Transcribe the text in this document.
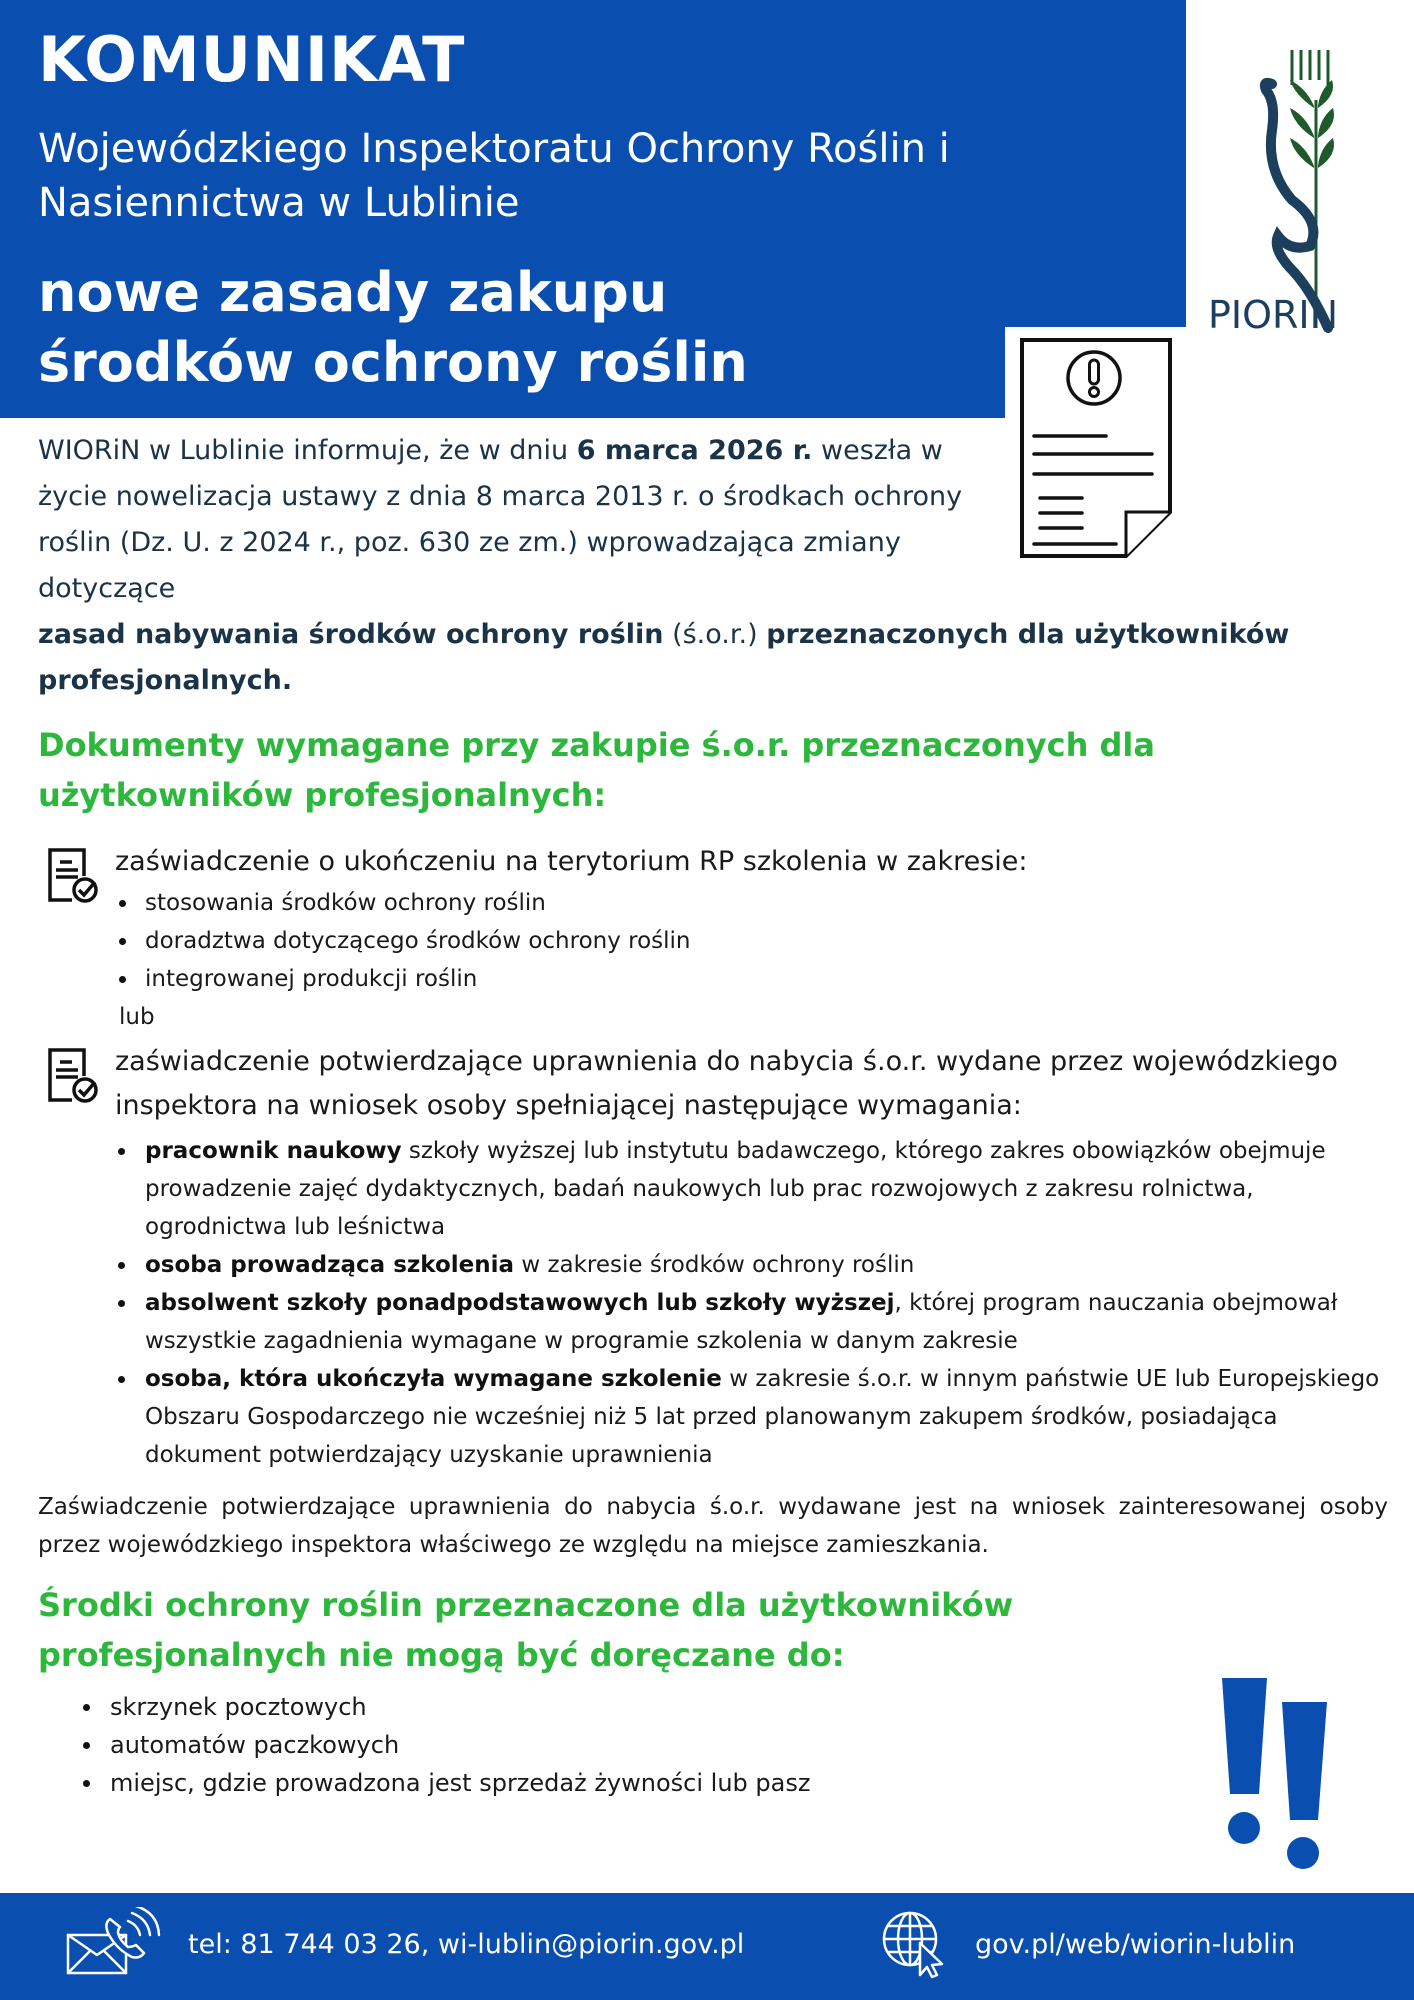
KOMUNIKAT
Wojewódzkiego Inspektoratu Ochrony Roślin i Nasiennictwa w Lublinie
nowe zasady zakupu
środków ochrony roślin
PIORIN

WIORiN w Lublinie informuje, że w dniu 6 marca 2026 r. weszła w życie nowelizacja ustawy z dnia 8 marca 2013 r. o środkach ochrony roślin (Dz. U. z 2024 r., poz. 630 ze zm.) wprowadzająca zmiany dotyczące
zasad nabywania środków ochrony roślin (ś.o.r.) przeznaczonych dla użytkowników profesjonalnych.

Dokumenty wymagane przy zakupie ś.o.r. przeznaczonych dla użytkowników profesjonalnych:
zaświadczenie o ukończeniu na terytorium RP szkolenia w zakresie:
stosowania środków ochrony roślin
doradztwa dotyczącego środków ochrony roślin
integrowanej produkcji roślin
lub
zaświadczenie potwierdzające uprawnienia do nabycia ś.o.r. wydane przez wojewódzkiego inspektora na wniosek osoby spełniającej następujące wymagania:
pracownik naukowy szkoły wyższej lub instytutu badawczego, którego zakres obowiązków obejmuje prowadzenie zajęć dydaktycznych, badań naukowych lub prac rozwojowych z zakresu rolnictwa, ogrodnictwa lub leśnictwa
osoba prowadząca szkolenia w zakresie środków ochrony roślin
absolwent szkoły ponadpodstawowych lub szkoły wyższej, której program nauczania obejmował wszystkie zagadnienia wymagane w programie szkolenia w danym zakresie
osoba, która ukończyła wymagane szkolenie w zakresie ś.o.r. w innym państwie UE lub Europejskiego Obszaru Gospodarczego nie wcześniej niż 5 lat przed planowanym zakupem środków, posiadająca dokument potwierdzający uzyskanie uprawnienia

Zaświadczenie potwierdzające uprawnienia do nabycia ś.o.r. wydawane jest na wniosek zainteresowanej osoby przez wojewódzkiego inspektora właściwego ze względu na miejsce zamieszkania.

Środki ochrony roślin przeznaczone dla użytkowników profesjonalnych nie mogą być doręczane do:
skrzynek pocztowych
automatów paczkowych
miejsc, gdzie prowadzona jest sprzedaż żywności lub pasz
tel: 81 744 03 26, wi-lublin@piorin.gov.pl	gov.pl/web/wiorin-lublin
